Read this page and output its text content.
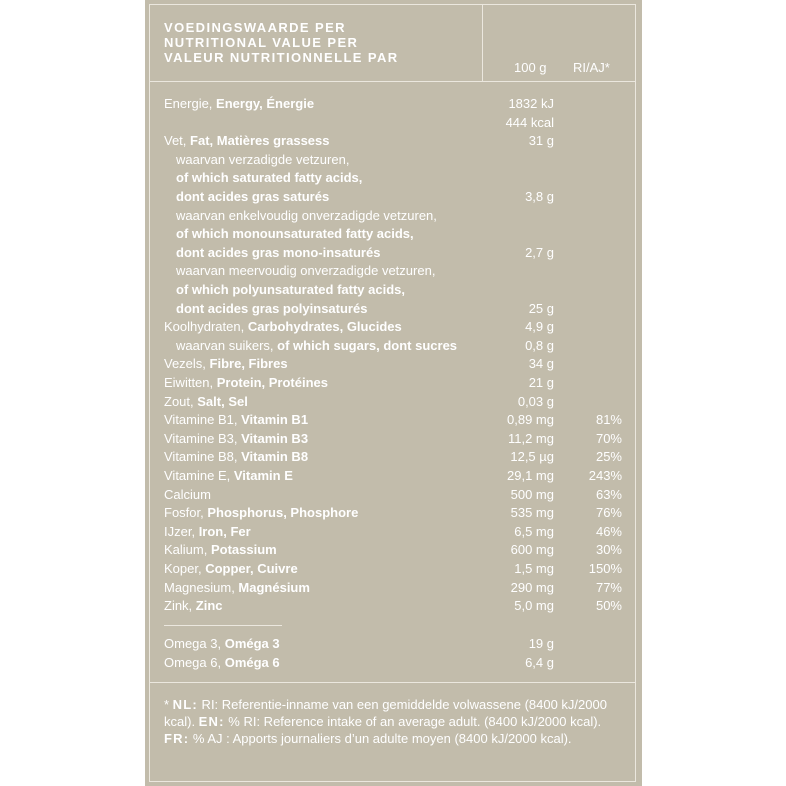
VOEDINGSWAARDE PER
NUTRITIONAL VALUE PER
VALEUR NUTRITIONNELLE PAR
100 g RI/AJ*
Energie, Energy, Énergie	1832 kJ
444 kcal
Vet, Fat, Matières grassess	31 g
waarvan verzadigde vetzuren,
of which saturated fatty acids,
dont acides gras saturés	3,8 g
waarvan enkelvoudig onverzadigde vetzuren,
of which monounsaturated fatty acids,
dont acides gras mono-insaturés	2,7 g
waarvan meervoudig onverzadigde vetzuren,
of which polyunsaturated fatty acids,
dont acides gras polyinsaturés	25 g
Koolhydraten, Carbohydrates, Glucides	4,9 g
waarvan suikers, of which sugars, dont sucres	0,8 g
Vezels, Fibre, Fibres	34 g
Eiwitten, Protein, Protéines	21 g
Zout, Salt, Sel	0,03 g
Vitamine B1, Vitamin B1	0,89 mg	81%
Vitamine B3, Vitamin B3	11,2 mg	70%
Vitamine B8, Vitamin B8	12,5 µg	25%
Vitamine E, Vitamin E	29,1 mg	243%
Calcium	500 mg	63%
Fosfor, Phosphorus, Phosphore	535 mg	76%
IJzer, Iron, Fer	6,5 mg	46%
Kalium, Potassium	600 mg	30%
Koper, Copper, Cuivre	1,5 mg	150%
Magnesium, Magnésium	290 mg	77%
Zink, Zinc	5,0 mg	50%
Omega 3, Oméga 3	19 g
Omega 6, Oméga 6	6,4 g
* NL: RI: Referentie-inname van een gemiddelde volwassene (8400 kJ/2000 kcal). EN: % RI: Reference intake of an average adult. (8400 kJ/2000 kcal). FR: % AJ : Apports journaliers d’un adulte moyen (8400 kJ/2000 kcal).
